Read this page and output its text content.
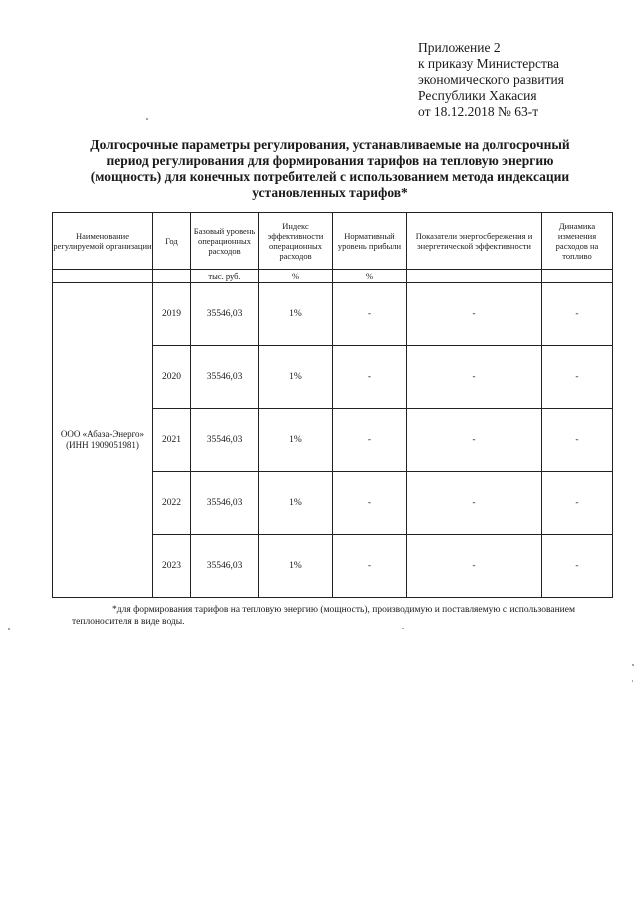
Приложение 2
к приказу Министерства
экономического развития
Республики Хакасия
от 18.12.2018 № 63-т
Долгосрочные параметры регулирования, устанавливаемые на долгосрочный период регулирования для формирования тарифов на тепловую энергию (мощность) для конечных потребителей с использованием метода индексации установленных тарифов*
Наименование регулируемой организации	Год	Базовый уровень операционных расходов	Индекс эффективности операционных расходов	Нормативный уровень прибыли	Показатели энергосбережения и энергетической эффективности	Динамика изменения расходов на топливо
		тыс. руб.	%	%		
ООО «Абаза-Энерго» (ИНН 1909051981)	2019	35546,03	1%	-	-	-
	2020	35546,03	1%	-	-	-
	2021	35546,03	1%	-	-	-
	2022	35546,03	1%	-	-	-
	2023	35546,03	1%	-	-	-
*для формирования тарифов на тепловую энергию (мощность), производимую и поставляемую с использованием теплоносителя в виде воды.
